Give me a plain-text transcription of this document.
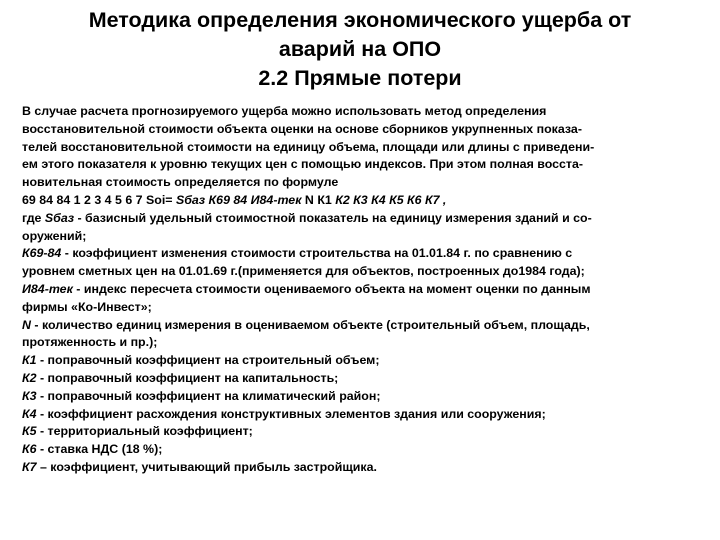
Методика определения экономического ущерба от
аварий на ОПО
2.2 Прямые потери
В случае расчета прогнозируемого ущерба можно использовать метод определения
восстановительной стоимости объекта оценки на основе сборников укрупненных показа-
телей восстановительной стоимости на единицу объема, площади или длины с приведени-
ем этого показателя к уровню текущих цен с помощью индексов. При этом полная восста-
новительная стоимость определяется по формуле
69 84 84 1 2 3 4 5 6 7 Soi= Sбаз К69 84 И84-тек N К1 К2 К3 К4 К5 К6 К7 ,
где Sбаз - базисный удельный стоимостной показатель на единицу измерения зданий и со-
оружений;
К69-84 - коэффициент изменения стоимости строительства на 01.01.84 г. по сравнению с
уровнем сметных цен на 01.01.69 г.(применяется для объектов, построенных до1984 года);
И84-тек - индекс пересчета стоимости оцениваемого объекта на момент оценки по данным
фирмы «Ко-Инвест»;
N - количество единиц измерения в оцениваемом объекте (строительный объем, площадь,
протяженность и пр.);
К1 - поправочный коэффициент на строительный объем;
К2 - поправочный коэффициент на капитальность;
К3 - поправочный коэффициент на климатический район;
К4 - коэффициент расхождения конструктивных элементов здания или сооружения;
К5 - территориальный коэффициент;
К6 - ставка НДС (18 %);
К7 – коэффициент, учитывающий прибыль застройщика.
